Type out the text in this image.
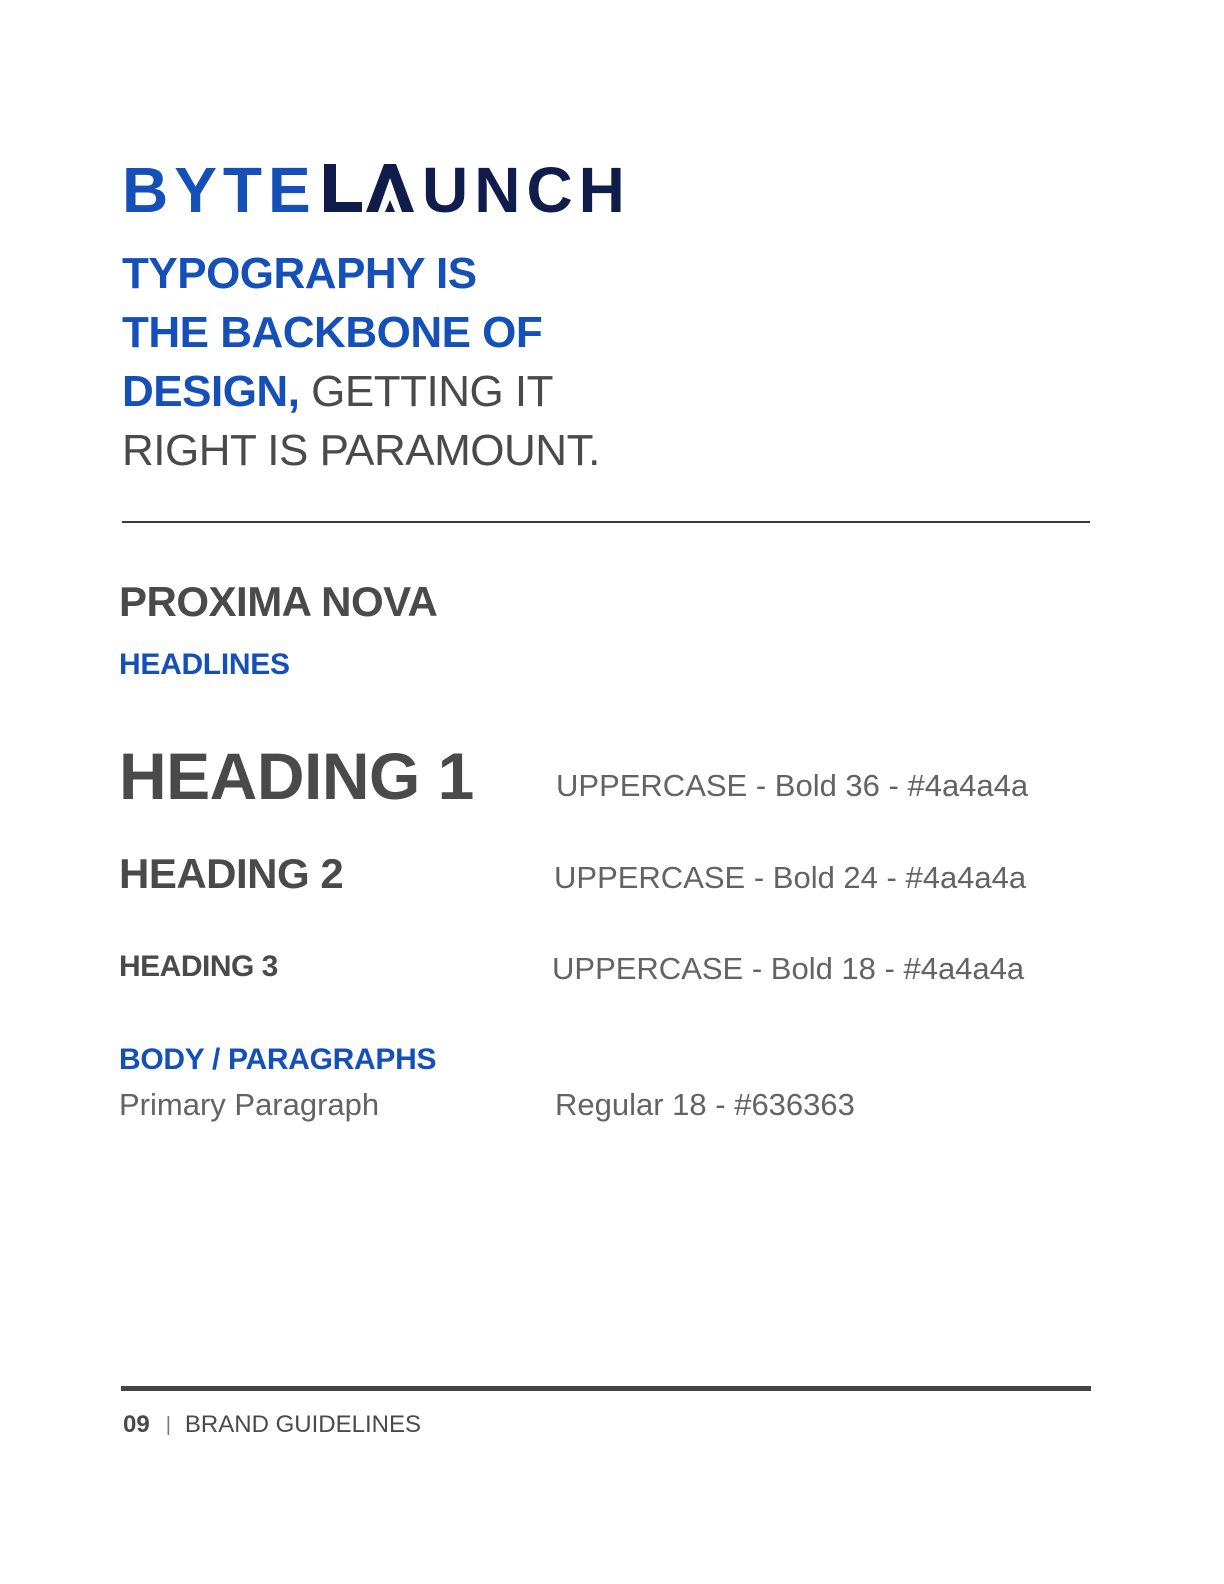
BYTE UNCH
TYPOGRAPHY IS
THE BACKBONE OF
DESIGN, GETTING IT
RIGHT IS PARAMOUNT.
PROXIMA NOVA
HEADLINES
HEADING 1	UPPERCASE - Bold 36 - #4a4a4a
HEADING 2	UPPERCASE - Bold 24 - #4a4a4a
HEADING 3	UPPERCASE - Bold 18 - #4a4a4a
BODY / PARAGRAPHS
Primary Paragraph	Regular 18 - #636363
09 | BRAND GUIDELINES
